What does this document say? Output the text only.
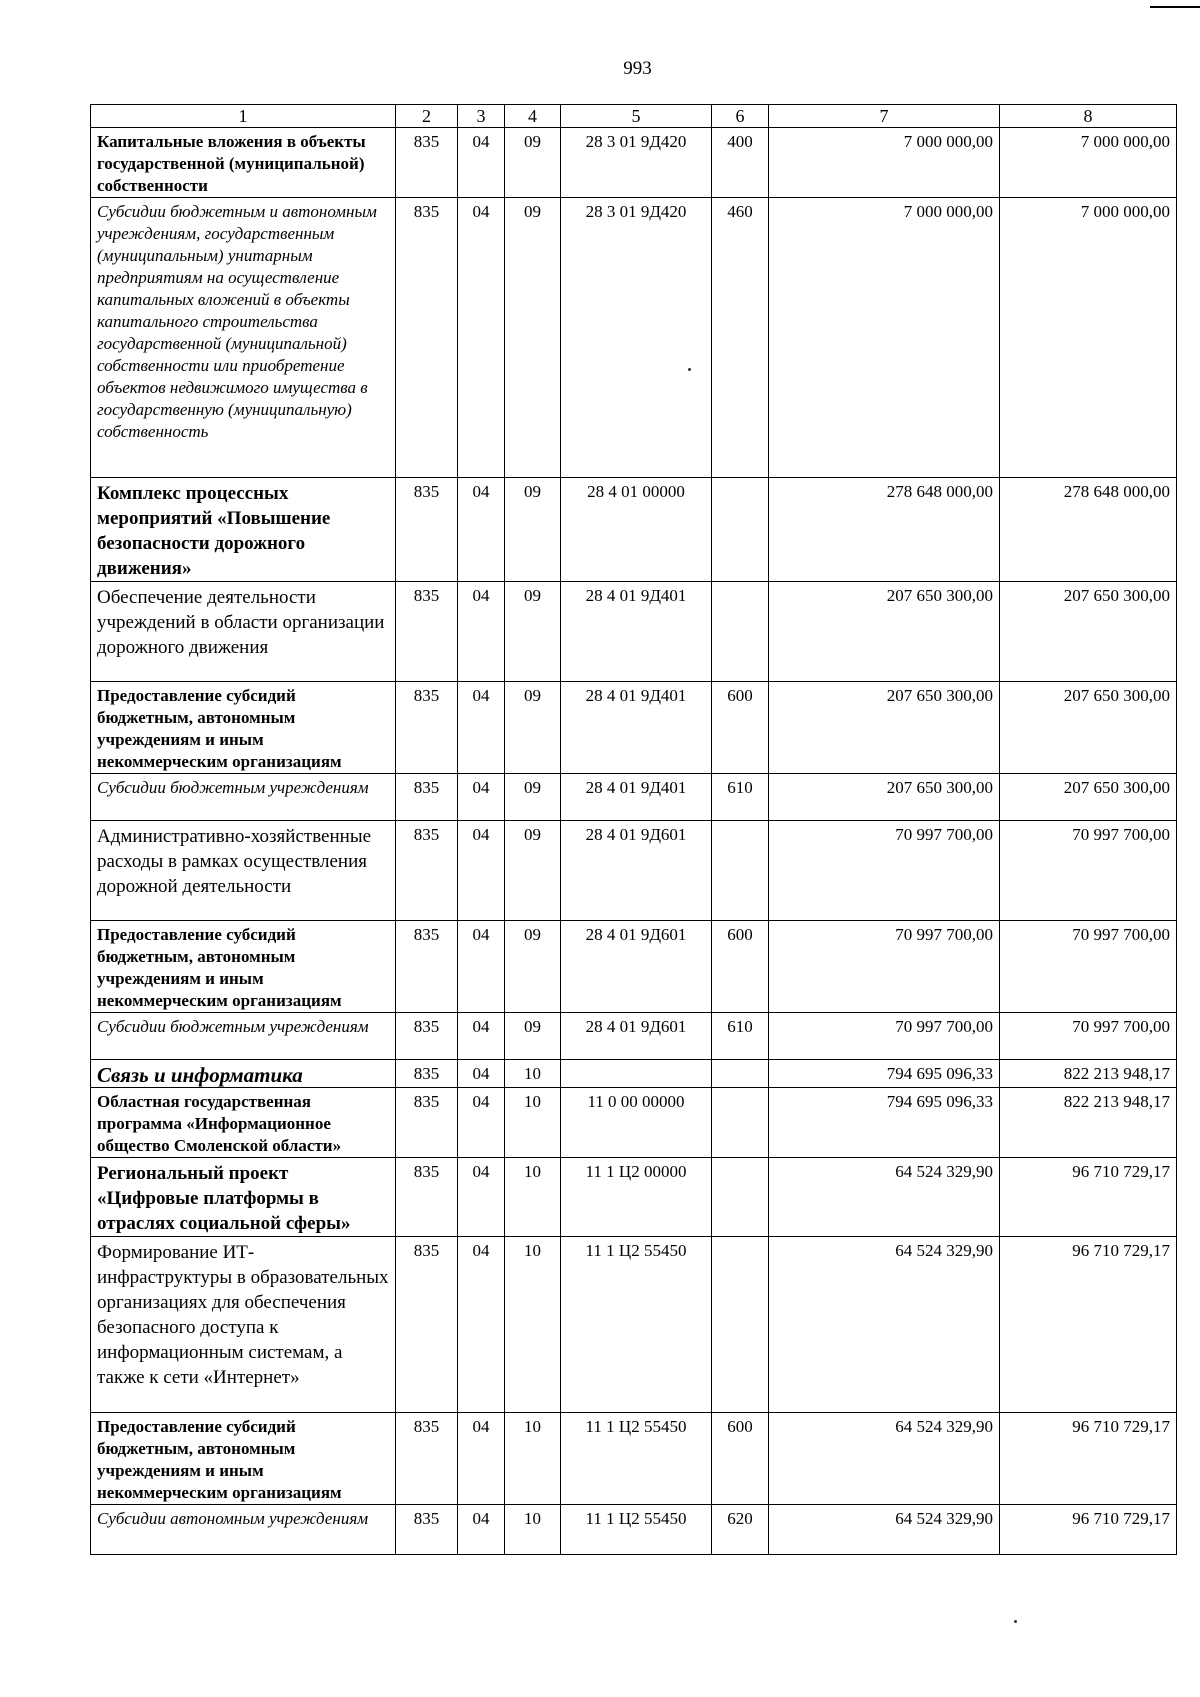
993
1	2	3	4	5	6	7	8
Капитальные вложения в объекты государственной (муниципальной) собственности	835	04	09	28 3 01 9Д420	400	7 000 000,00	7 000 000,00
Субсидии бюджетным и автономным учреждениям, государственным (муниципальным) унитарным предприятиям на осуществление капитальных вложений в объекты капитального строительства государственной (муниципальной) собственности или приобретение объектов недвижимого имущества в государственную (муниципальную) собственность	835	04	09	28 3 01 9Д420	460	7 000 000,00	7 000 000,00
Комплекс процессных мероприятий «Повышение безопасности дорожного движения»	835	04	09	28 4 01 00000		278 648 000,00	278 648 000,00
Обеспечение деятельности учреждений в области организации дорожного движения	835	04	09	28 4 01 9Д401		207 650 300,00	207 650 300,00
Предоставление субсидий бюджетным, автономным учреждениям и иным некоммерческим организациям	835	04	09	28 4 01 9Д401	600	207 650 300,00	207 650 300,00
Субсидии бюджетным учреждениям	835	04	09	28 4 01 9Д401	610	207 650 300,00	207 650 300,00
Административно-хозяйственные расходы в рамках осуществления дорожной деятельности	835	04	09	28 4 01 9Д601		70 997 700,00	70 997 700,00
Предоставление субсидий бюджетным, автономным учреждениям и иным некоммерческим организациям	835	04	09	28 4 01 9Д601	600	70 997 700,00	70 997 700,00
Субсидии бюджетным учреждениям	835	04	09	28 4 01 9Д601	610	70 997 700,00	70 997 700,00
Связь и информатика	835	04	10			794 695 096,33	822 213 948,17
Областная государственная программа «Информационное общество Смоленской области»	835	04	10	11 0 00 00000		794 695 096,33	822 213 948,17
Региональный проект «Цифровые платформы в отраслях социальной сферы»	835	04	10	11 1 Ц2 00000		64 524 329,90	96 710 729,17
Формирование ИТ-инфраструктуры в образовательных организациях для обеспечения безопасного доступа к информационным системам, а также к сети «Интернет»	835	04	10	11 1 Ц2 55450		64 524 329,90	96 710 729,17
Предоставление субсидий бюджетным, автономным учреждениям и иным некоммерческим организациям	835	04	10	11 1 Ц2 55450	600	64 524 329,90	96 710 729,17
Субсидии автономным учреждениям	835	04	10	11 1 Ц2 55450	620	64 524 329,90	96 710 729,17
